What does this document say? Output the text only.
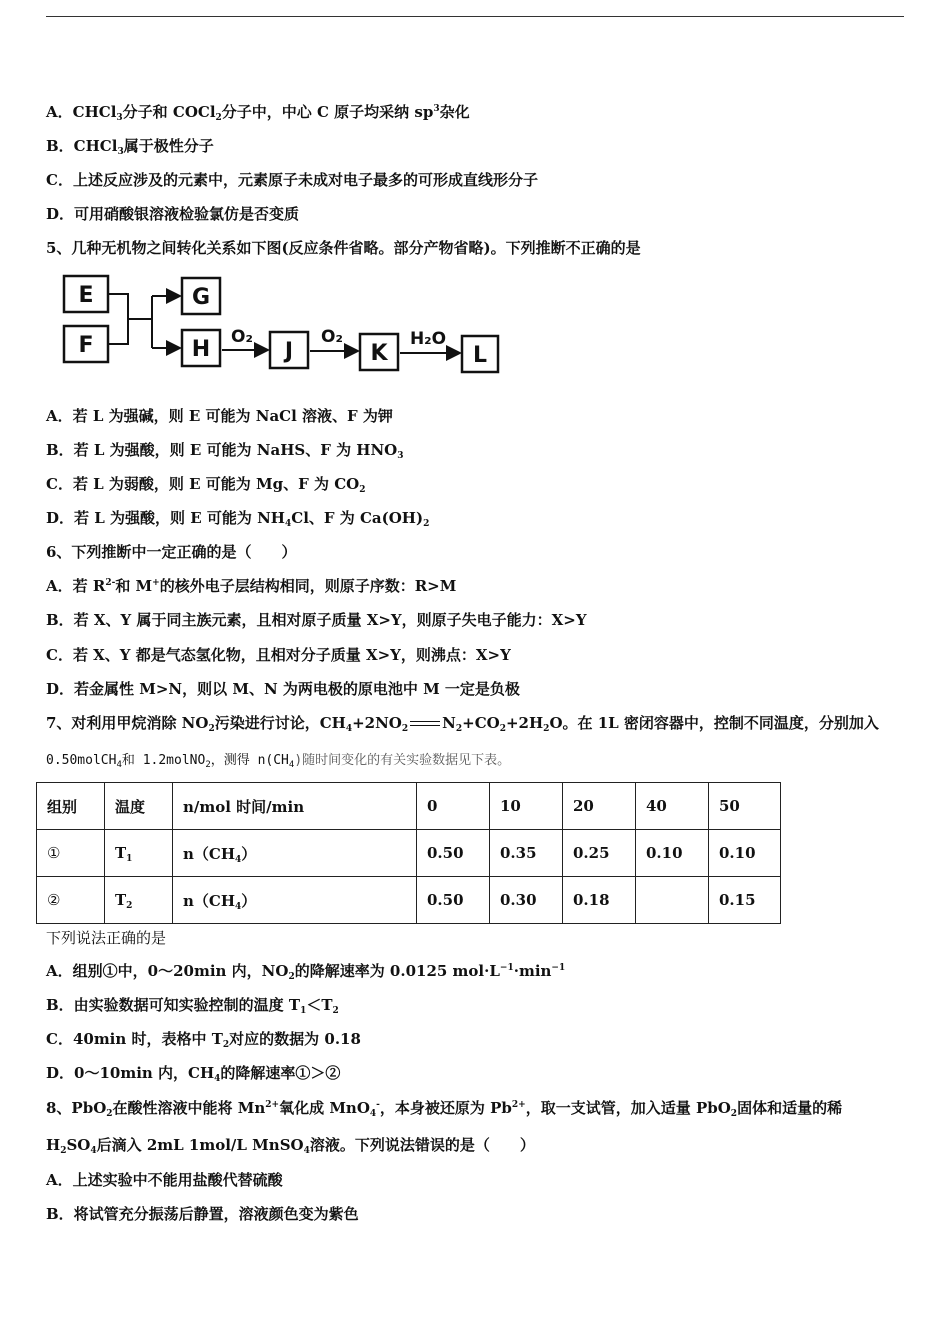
A．CHCl$_3$分子和 COCl$_2$分子中，中心 C 原子均采纳 $sp^3$杂化
B．CHCl$_3$属于极性分子
C．上述反应涉及的元素中，元素原子未成对电子最多的可形成直线形分子
D．可用硝酸银溶液检验氯仿是否变质
5、几种无机物之间转化关系如下图(反应条件省略。部分产物省略)。下列推断不正确的是
E
F
G
H	J	K	L
O₂	O₂	H₂O
A．若 L 为强碱，则 E 可能为 NaCl 溶液、F 为钾
B．若 L 为强酸，则 E 可能为 NaHS、F 为 $HNO_3$
C．若 L 为弱酸，则 E 可能为 Mg、F 为 $CO_2$
D．若 L 为强酸，则 E 可能为 $NH_4Cl$、F 为 $Ca(OH)_2$
6、下列推断中一定正确的是（　　）
A．若 $R^{2-}$和 M+的核外电子层结构相同，则原子序数：R>M
B．若 X、Y 属于同主族元素，且相对原子质量 X>Y，则原子失电子能力：X>Y
C．若 X、Y 都是气态氢化物，且相对分子质量 X>Y，则沸点：X>Y
D．若金属性 M>N，则以 M、N 为两电极的原电池中 M 一定是负极
7、对利用甲烷消除 $NO_2$污染进行讨论，$CH_4+2NO_2$ $N_2+CO_2+2H_2O$。在 1L 密闭容器中，控制不同温度，分别加入
0.50molCH$_4$和 1.2molNO$_2$，测得 $n(CH_4)$随时间变化的有关实验数据见下表。
组别	温度	n/mol 时间/min	0	10	20	40	50
①	$T_1$	$n(CH_4)$	0.50	0.35	0.25	0.10	0.10
②	$T_2$	$n(CH_4)$	0.50	0.30	0.18		0.15
下列说法正确的是
A．组别①中，0～20min 内，$NO_2$的降解速率为 0.0125 $mol\cdot L^{-1}\cdot\min^{-1}$
B．由实验数据可知实验控制的温度 $T_1<T_2$
C．40min 时，表格中 $T_2$对应的数据为 0.18
D．0～10min 内，$CH_4$的降解速率①＞②
8、PbO$_2$在酸性溶液中能将 $Mn^{2+}$氧化成 MnO$_4$-，本身被还原为 $Pb^{2+}$，取一支试管，加入适量 PbO$_2$固体和适量的稀
$H_2SO_4$后滴入 2mL 1mol/L MnSO$_4$溶液。下列说法错误的是（　　）
A．上述实验中不能用盐酸代替硫酸
B．将试管充分振荡后静置，溶液颜色变为紫色
